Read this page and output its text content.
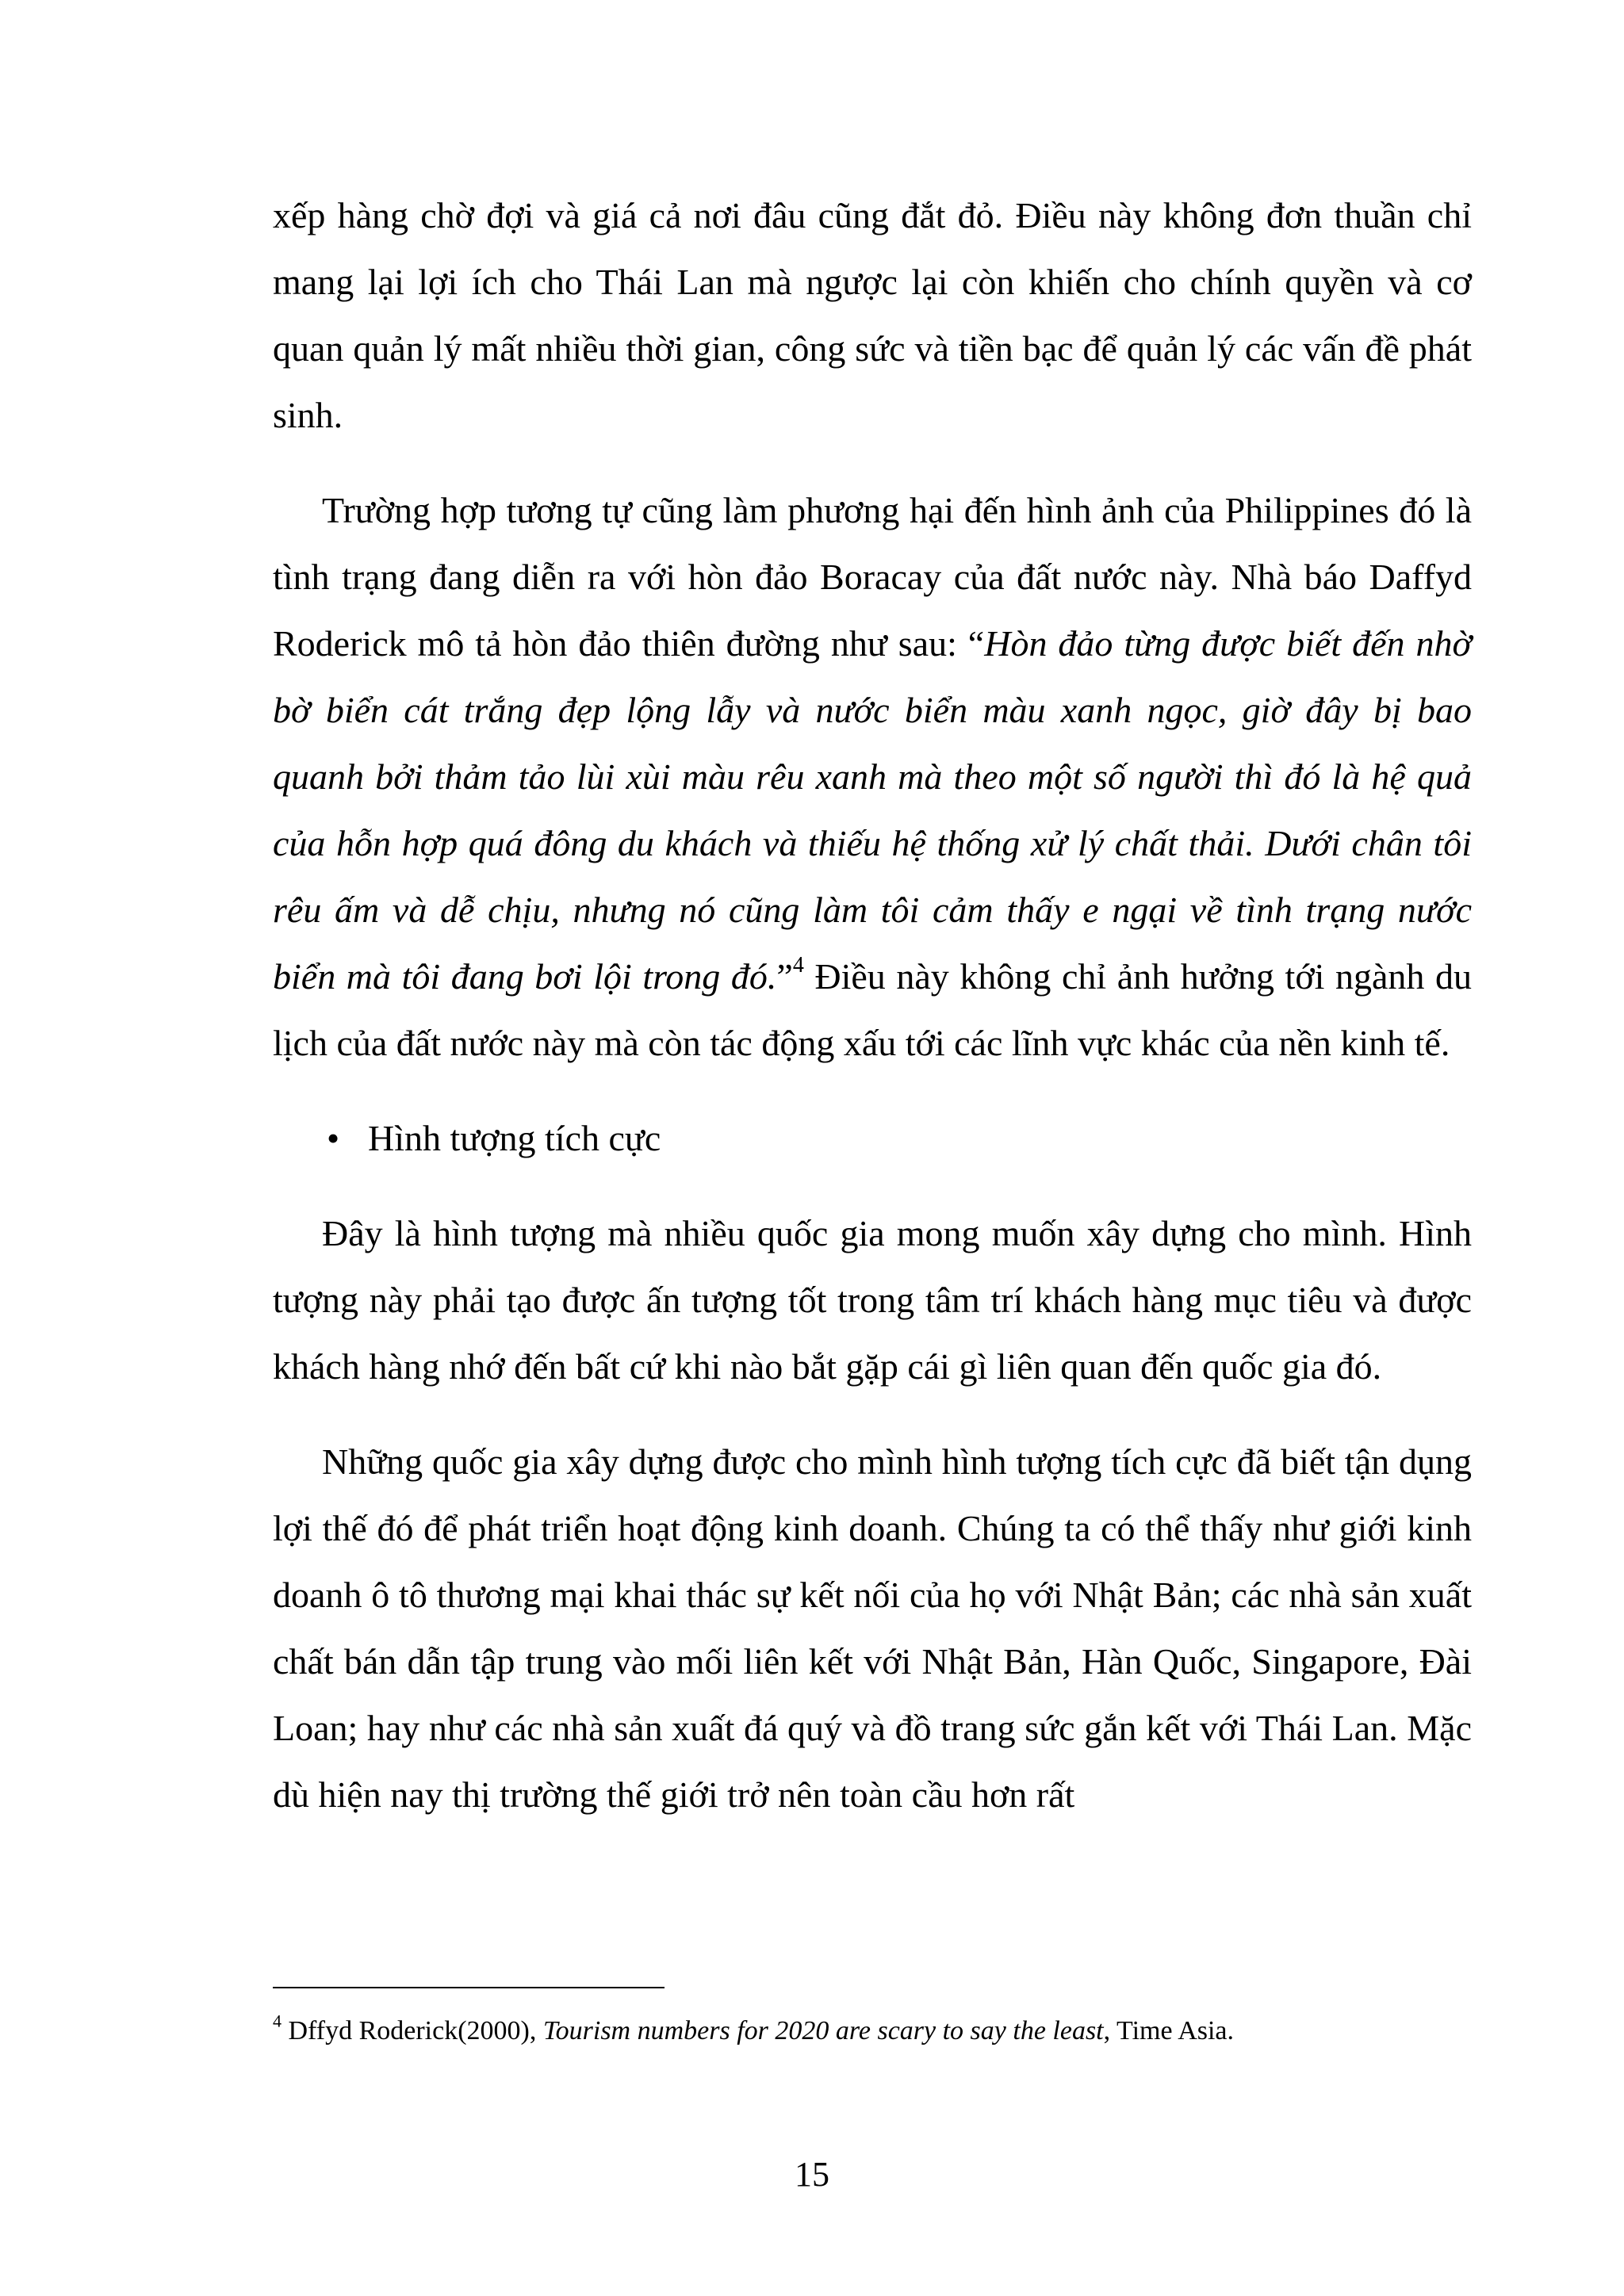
xếp hàng chờ đợi và giá cả nơi đâu cũng đắt đỏ. Điều này không đơn thuần chỉ mang lại lợi ích cho Thái Lan mà ngược lại còn khiến cho chính quyền và cơ quan quản lý mất nhiều thời gian, công sức và tiền bạc để quản lý các vấn đề phát sinh.

Trường hợp tương tự cũng làm phương hại đến hình ảnh của Philippines đó là tình trạng đang diễn ra với hòn đảo Boracay của đất nước này. Nhà báo Daffyd Roderick mô tả hòn đảo thiên đường như sau: “Hòn đảo từng được biết đến nhờ bờ biển cát trắng đẹp lộng lẫy và nước biển màu xanh ngọc, giờ đây bị bao quanh bởi thảm tảo lùi xùi màu rêu xanh mà theo một số người thì đó là hệ quả của hỗn hợp quá đông du khách và thiếu hệ thống xử lý chất thải. Dưới chân tôi rêu ấm và dễ chịu, nhưng nó cũng làm tôi cảm thấy e ngại về tình trạng nước biển mà tôi đang bơi lội trong đó.”$^4$ Điều này không chỉ ảnh hưởng tới ngành du lịch của đất nước này mà còn tác động xấu tới các lĩnh vực khác của nền kinh tế.

• Hình tượng tích cực

Đây là hình tượng mà nhiều quốc gia mong muốn xây dựng cho mình. Hình tượng này phải tạo được ấn tượng tốt trong tâm trí khách hàng mục tiêu và được khách hàng nhớ đến bất cứ khi nào bắt gặp cái gì liên quan đến quốc gia đó.

Những quốc gia xây dựng được cho mình hình tượng tích cực đã biết tận dụng lợi thế đó để phát triển hoạt động kinh doanh. Chúng ta có thể thấy như giới kinh doanh ô tô thương mại khai thác sự kết nối của họ với Nhật Bản; các nhà sản xuất chất bán dẫn tập trung vào mối liên kết với Nhật Bản, Hàn Quốc, Singapore, Đài Loan; hay như các nhà sản xuất đá quý và đồ trang sức gắn kết với Thái Lan. Mặc dù hiện nay thị trường thế giới trở nên toàn cầu hơn rất

$^4$ Dffyd Roderick(2000), Tourism numbers for 2020 are scary to say the least, Time Asia.
15
